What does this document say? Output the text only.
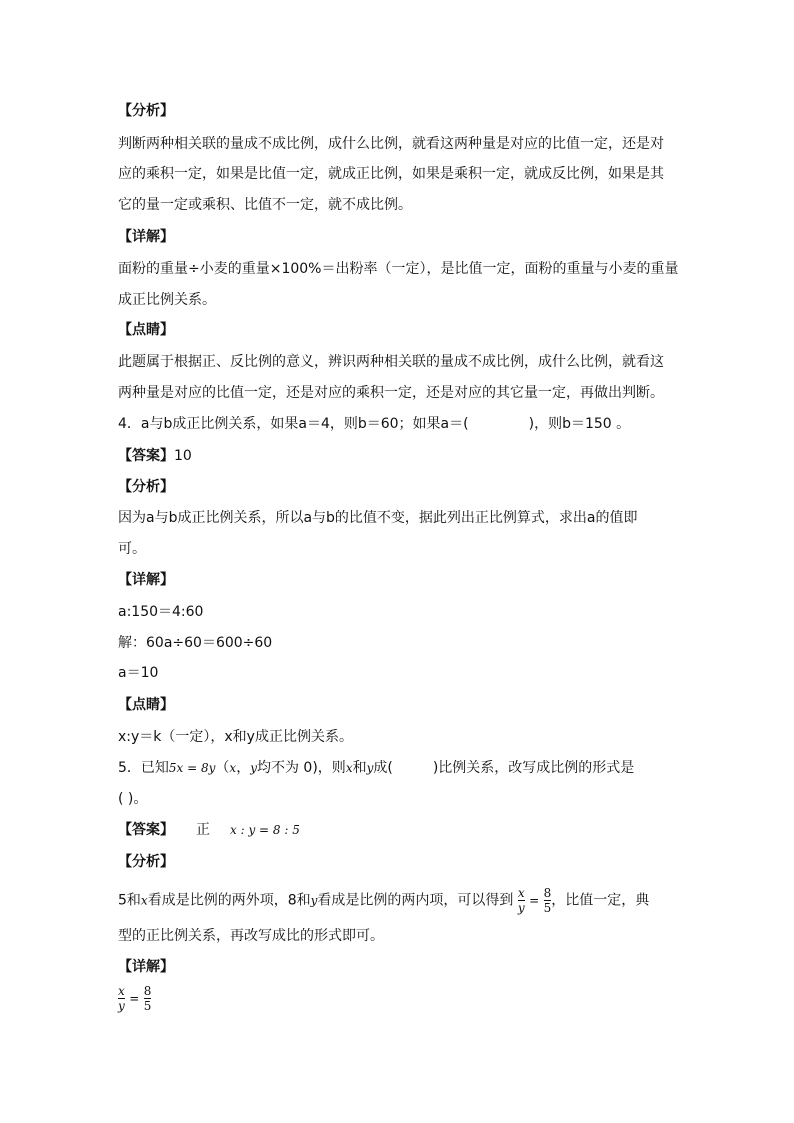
【分析】
判断两种相关联的量成不成比例，成什么比例，就看这两种量是对应的比值一定，还是对
应的乘积一定，如果是比值一定，就成正比例，如果是乘积一定，就成反比例，如果是其
它的量一定或乘积、比值不一定，就不成比例。
【详解】
面粉的重量÷小麦的重量×100%＝出粉率（一定），是比值一定，面粉的重量与小麦的重量
成正比例关系。
【点睛】
此题属于根据正、反比例的意义，辨识两种相关联的量成不成比例，成什么比例，就看这
两种量是对应的比值一定，还是对应的乘积一定，还是对应的其它量一定，再做出判断。
4．a与b成正比例关系，如果a＝4，则b＝60；如果a＝(	)，则b＝150 。
【答案】10
【分析】
因为a与b成正比例关系，所以a与b的比值不变，据此列出正比例算式，求出a的值即
可。
【详解】
a:150＝4:60
解：60a÷60＝600÷60
a＝10
【点睛】
x:y＝k（一定），x和y成正比例关系。
5．已知5x = 8y（x，y均不为 0)，则x和y成(	)比例关系，改写成比例的形式是
( )。
【答案】 正 x : y = 8 : 5
【分析】
5和x看成是比例的两外项，8和y看成是比例的两内项，可以得到 $\frac{x}{y} = \frac{8}{5}$ ，比值一定，典
型的正比例关系，再改写成比的形式即可。
【详解】
$\frac{x}{y} = \frac{8}{5}$
